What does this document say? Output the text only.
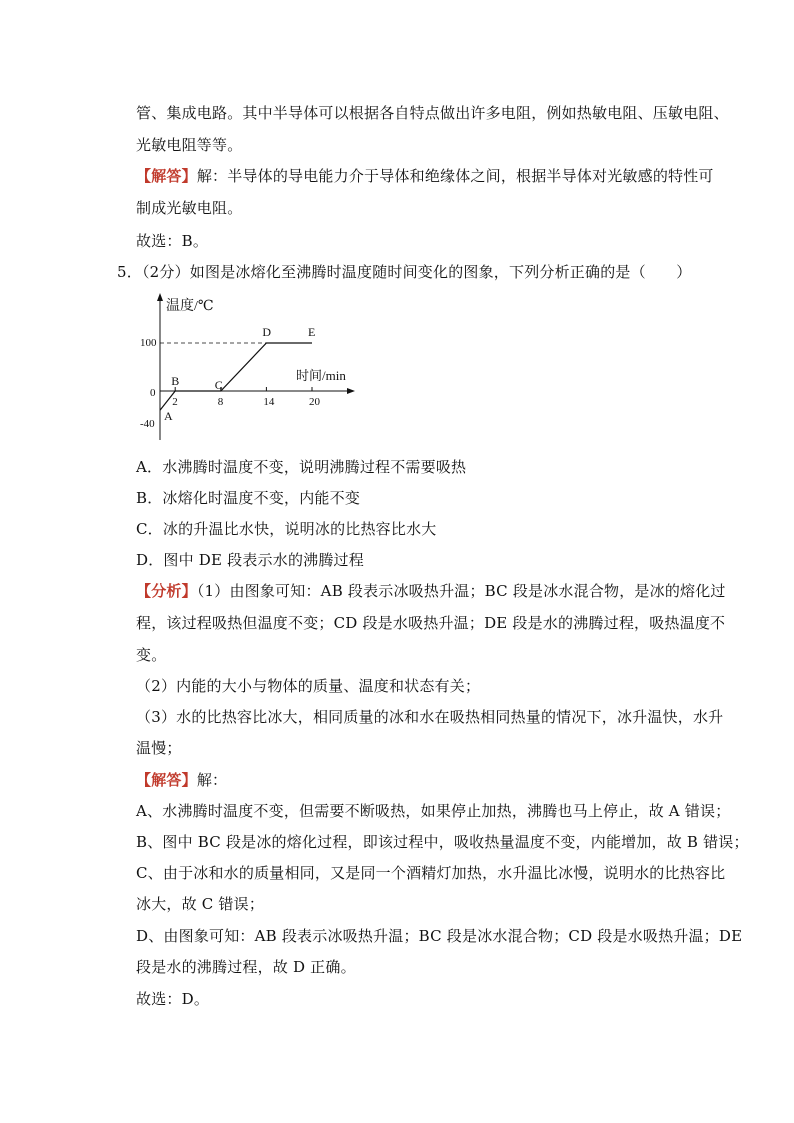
管、集成电路。其中半导体可以根据各自特点做出许多电阻，例如热敏电阻、压敏电阻、
光敏电阻等等。
【解答】解：半导体的导电能力介于导体和绝缘体之间，根据半导体对光敏感的特性可
制成光敏电阻。
故选：B。
5．（2分）如图是冰熔化至沸腾时温度随时间变化的图象，下列分析正确的是（　　）
温度/℃
时间/min
100
0
-40
2	8	14	20
A
B	C
D	E
A．水沸腾时温度不变，说明沸腾过程不需要吸热
B．冰熔化时温度不变，内能不变
C．冰的升温比水快，说明冰的比热容比水大
D．图中 DE 段表示水的沸腾过程
【分析】（1）由图象可知：AB 段表示冰吸热升温；BC 段是冰水混合物，是冰的熔化过
程，该过程吸热但温度不变；CD 段是水吸热升温；DE 段是水的沸腾过程，吸热温度不
变。
（2）内能的大小与物体的质量、温度和状态有关；
（3）水的比热容比冰大，相同质量的冰和水在吸热相同热量的情况下，冰升温快，水升
温慢；
【解答】解：
A、水沸腾时温度不变，但需要不断吸热，如果停止加热，沸腾也马上停止，故 A 错误；
B、图中 BC 段是冰的熔化过程，即该过程中，吸收热量温度不变，内能增加，故 B 错误；
C、由于冰和水的质量相同，又是同一个酒精灯加热，水升温比冰慢，说明水的比热容比
冰大，故 C 错误；
D、由图象可知：AB 段表示冰吸热升温；BC 段是冰水混合物；CD 段是水吸热升温；DE
段是水的沸腾过程，故 D 正确。
故选：D。
